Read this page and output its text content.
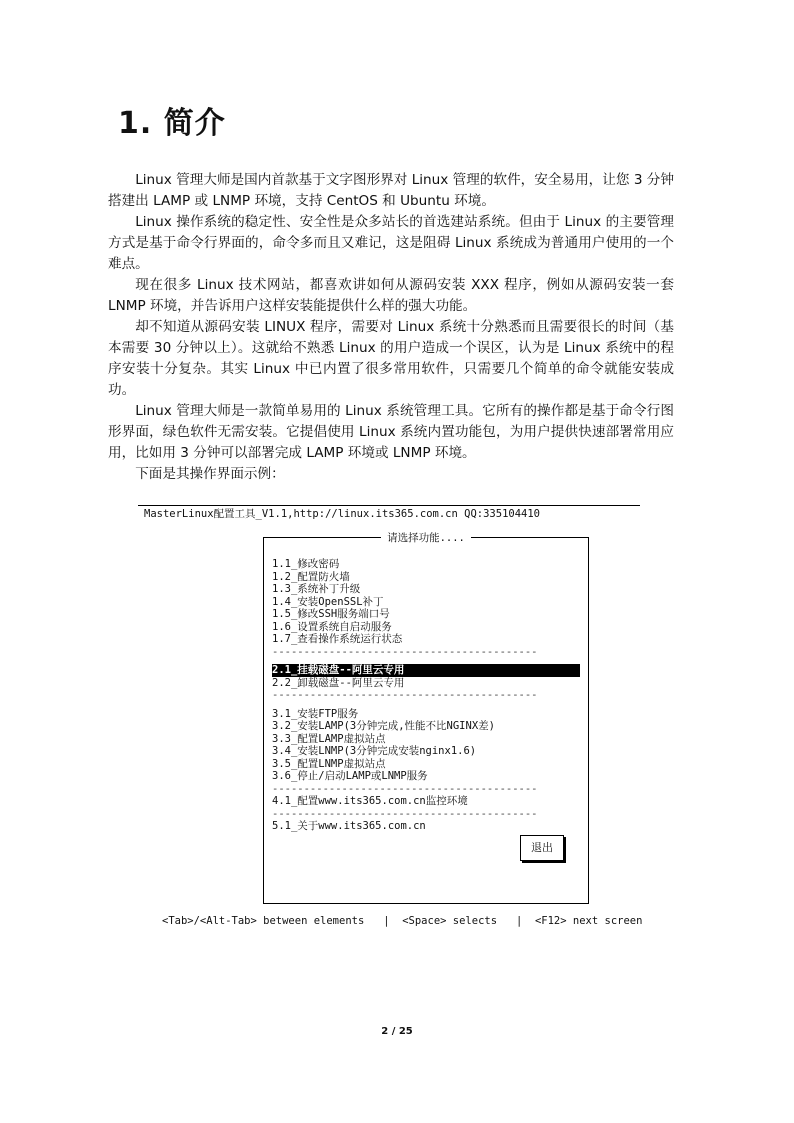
1. 简介

Linux 管理大师是国内首款基于文字图形界对 Linux 管理的软件，安全易用，让您 3 分钟搭建出 LAMP 或 LNMP 环境，支持 CentOS 和 Ubuntu 环境。

Linux 操作系统的稳定性、安全性是众多站长的首选建站系统。但由于 Linux 的主要管理方式是基于命令行界面的，命令多而且又难记，这是阻碍 Linux 系统成为普通用户使用的一个难点。

现在很多 Linux 技术网站，都喜欢讲如何从源码安装 XXX 程序，例如从源码安装一套 LNMP 环境，并告诉用户这样安装能提供什么样的强大功能。

却不知道从源码安装 LINUX 程序，需要对 Linux 系统十分熟悉而且需要很长的时间（基本需要 30 分钟以上）。这就给不熟悉 Linux 的用户造成一个误区，认为是 Linux 系统中的程序安装十分复杂。其实 Linux 中已内置了很多常用软件，只需要几个简单的命令就能安装成功。

Linux 管理大师是一款简单易用的 Linux 系统管理工具。它所有的操作都是基于命令行图形界面，绿色软件无需安装。它提倡使用 Linux 系统内置功能包，为用户提供快速部署常用应用，比如用 3 分钟可以部署完成 LAMP 环境或 LNMP 环境。

下面是其操作界面示例：

MasterLinux配置工具_V1.1,http://linux.its365.com.cn QQ:335104410
请选择功能....
1.1_修改密码
1.2_配置防火墙
1.3_系统补丁升级
1.4_安装OpenSSL补丁
1.5_修改SSH服务端口号
1.6_设置系统自启动服务
1.7_查看操作系统运行状态
------------------------------------------
2.1_挂载磁盘--阿里云专用
2.2_卸载磁盘--阿里云专用
------------------------------------------
3.1_安装FTP服务
3.2_安装LAMP(3分钟完成,性能不比NGINX差)
3.3_配置LAMP虚拟站点
3.4_安装LNMP(3分钟完成安装nginx1.6)
3.5_配置LNMP虚拟站点
3.6_停止/启动LAMP或LNMP服务
------------------------------------------
4.1_配置www.its365.com.cn监控环境
------------------------------------------
5.1_关于www.its365.com.cn
退出
<Tab>/<Alt-Tab> between elements   |  <Space> selects   |  <F12> next screen
2 / 25
